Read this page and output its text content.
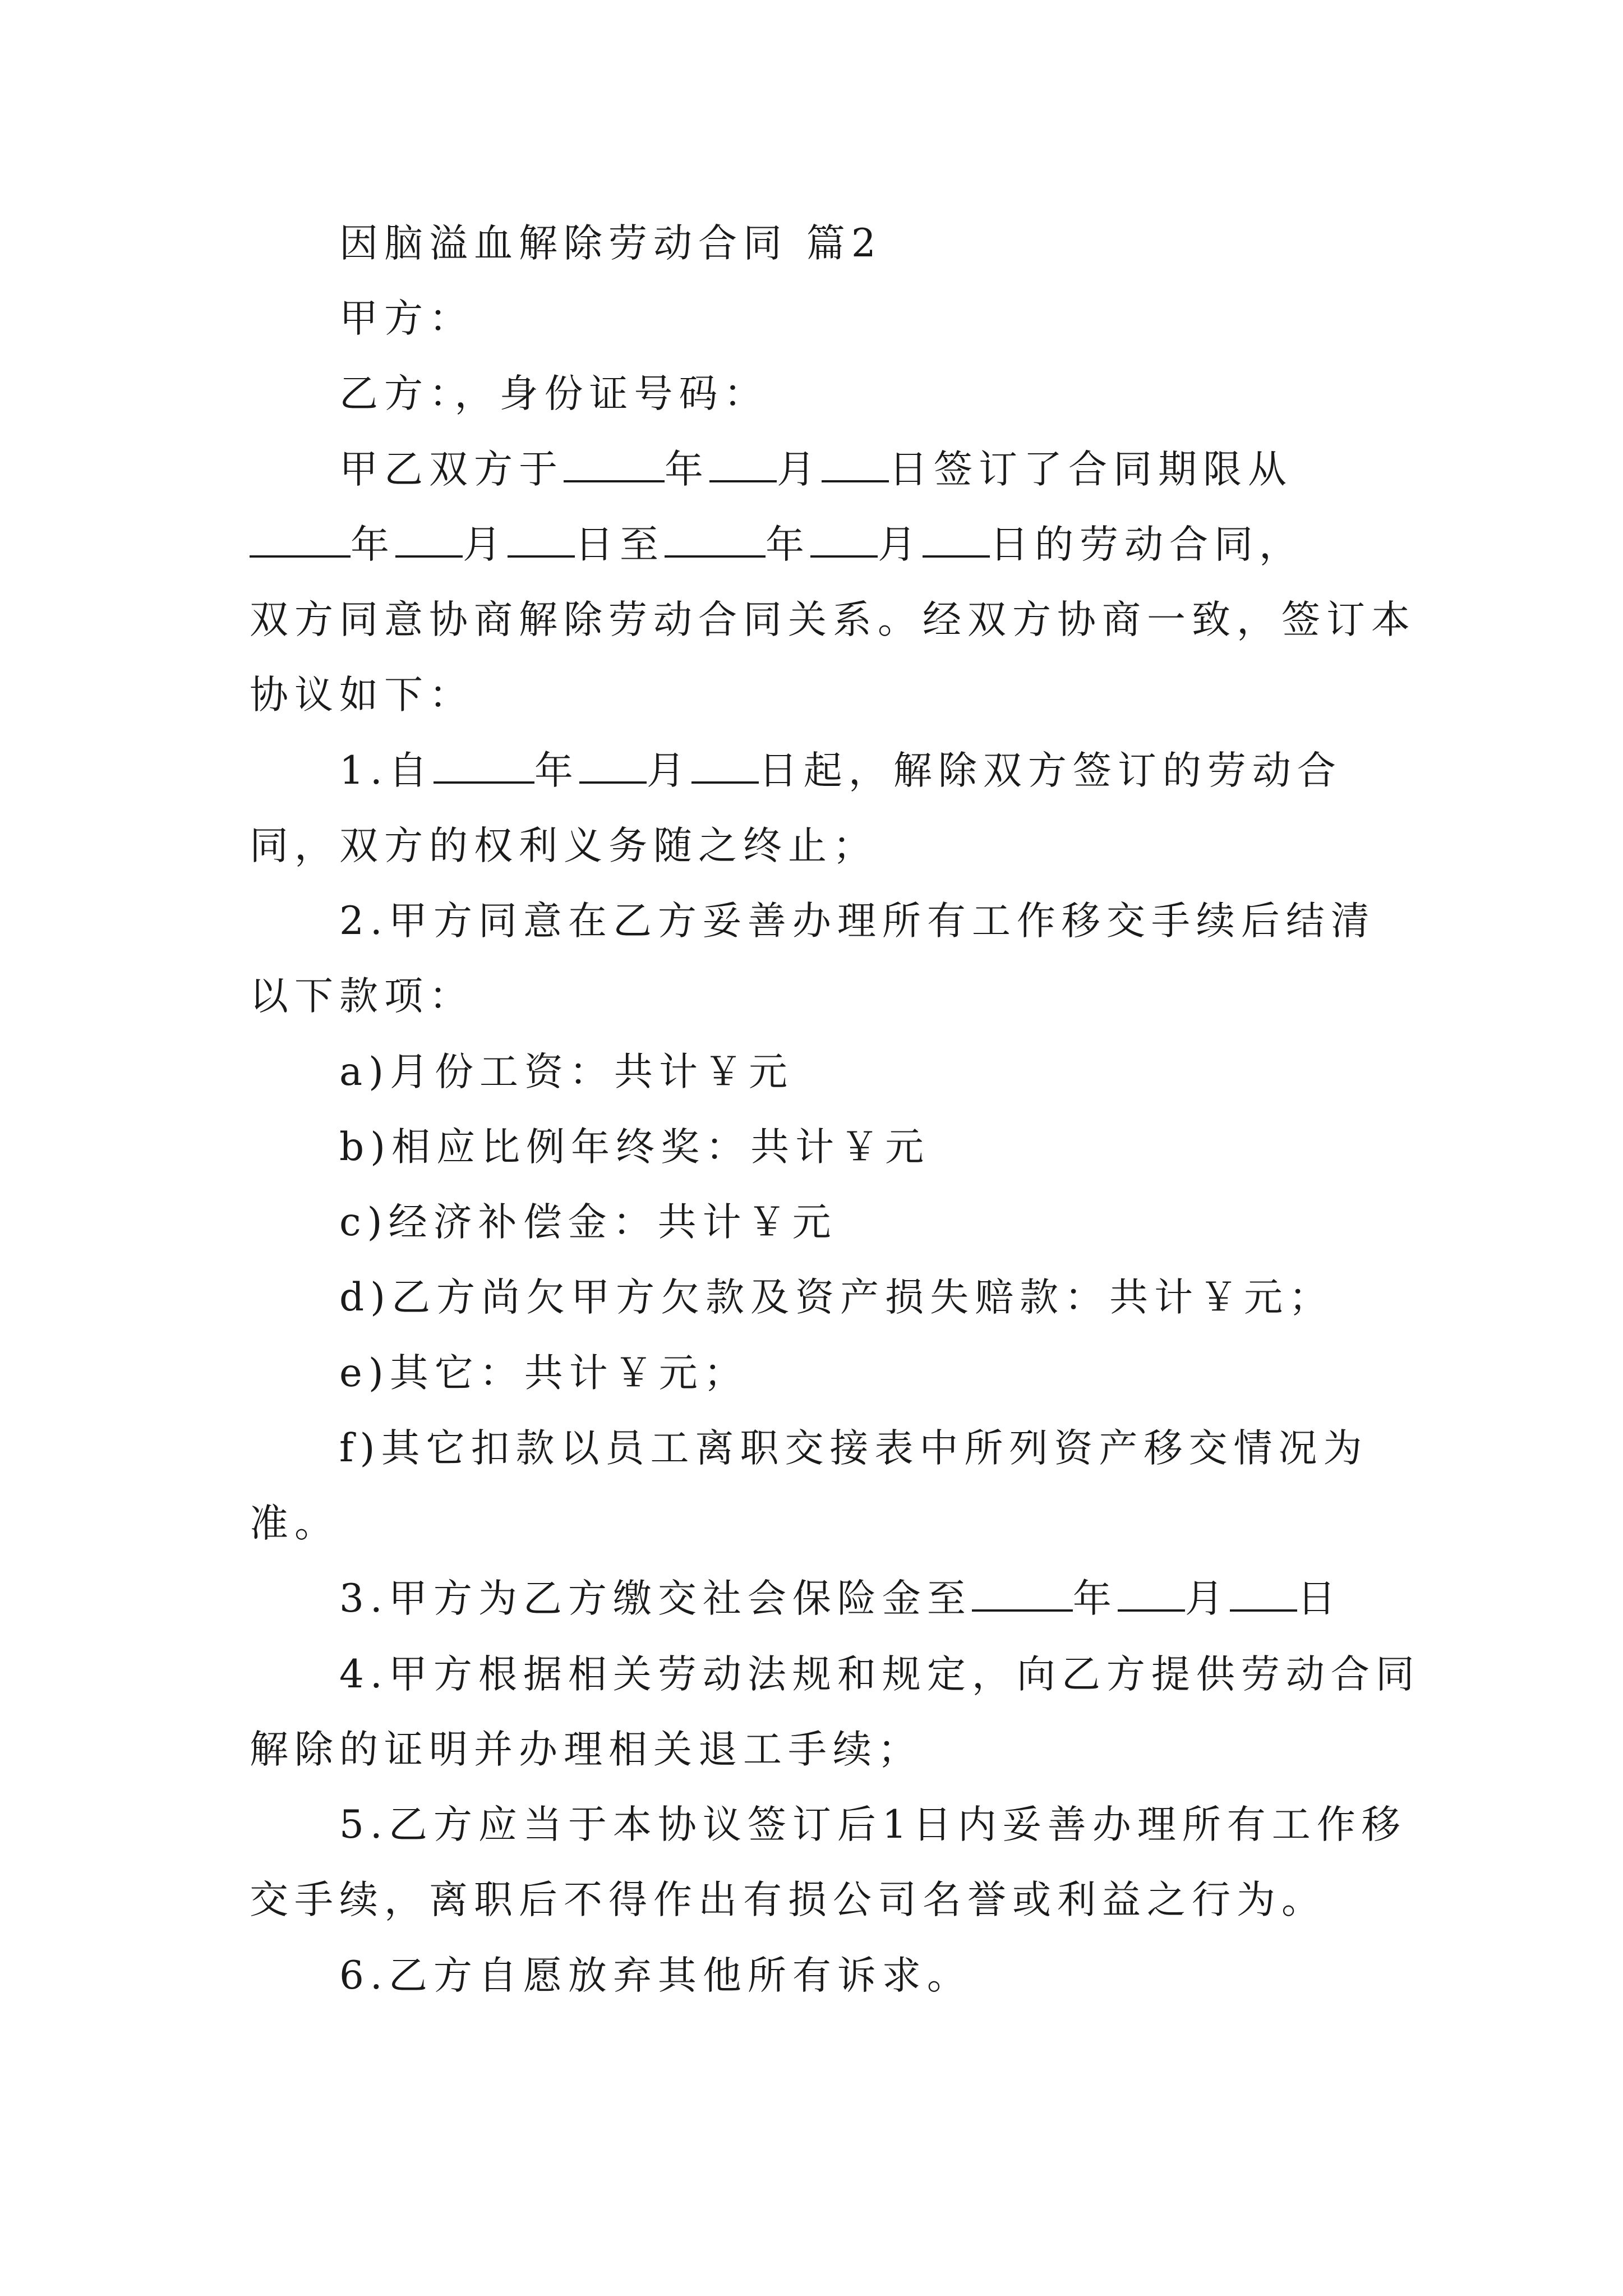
因脑溢血解除劳动合同 篇2
甲方：
乙方：，身份证号码：
甲乙双方于	年 月 日签订了合同期限从
年 月 日至	年 月 日的劳动合同，
双方同意协商解除劳动合同关系。经双方协商一致，签订本
协议如下：
1.自	年 月 日起，解除双方签订的劳动合
同，双方的权利义务随之终止；
2.甲方同意在乙方妥善办理所有工作移交手续后结清
以下款项：
a)月份工资：共计￥元
b)相应比例年终奖：共计￥元
c)经济补偿金：共计￥元
d)乙方尚欠甲方欠款及资产损失赔款：共计￥元；
e)其它：共计￥元；
f)其它扣款以员工离职交接表中所列资产移交情况为
准。
3.甲方为乙方缴交社会保险金至	年 月 日
4.甲方根据相关劳动法规和规定，向乙方提供劳动合同
解除的证明并办理相关退工手续；
5.乙方应当于本协议签订后1日内妥善办理所有工作移
交手续，离职后不得作出有损公司名誉或利益之行为。
6.乙方自愿放弃其他所有诉求。
